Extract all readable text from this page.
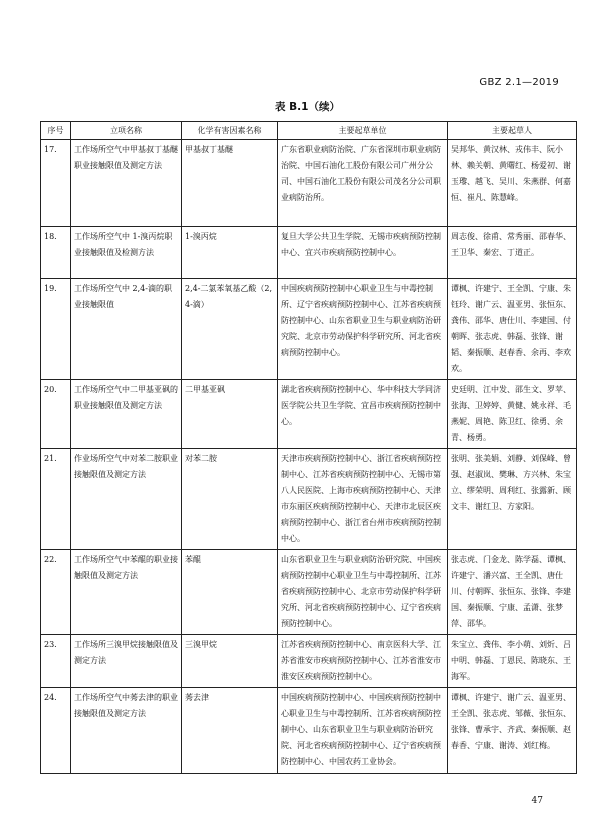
GBZ 2.1—2019
表 B.1（续）
序号	立项名称	化学有害因素名称	主要起草单位	主要起草人
17.	工作场所空气中甲基叔丁基醚职业接触限值及测定方法	甲基叔丁基醚	广东省职业病防治院、广东省深圳市职业病防治院、中国石油化工股份有限公司广州分公司、中国石油化工股份有限公司茂名分公司职业病防治所。	吴邦华、黄汉林、戎伟丰、阮小林、赖关朝、黄曙红、杨爱初、谢玉瓈、越飞、吴川、朱燕群、何嘉恒、崔凡、陈慧峰。
18.	工作场所空气中 1-溴丙烷职业接触限值及检测方法	1-溴丙烷	复旦大学公共卫生学院、无锡市疾病预防控制中心、宜兴市疾病预防控制中心。	周志俊、徐甫、常秀丽、邵春华、王卫华、秦宏、丁道正。
19.	工作场所空气中 2,4-滴的职业接触限值	2,4-二氯苯氧基乙酸（2,4-滴）	中国疾病预防控制中心职业卫生与中毒控制所、辽宁省疾病预防控制中心、江苏省疾病预防控制中心、山东省职业卫生与职业病防治研究院、北京市劳动保护科学研究所、河北省疾病预防控制中心。	谭枫、许建宁、王全凯、宁康、朱钰玲、谢广云、温亚男、张恒东、龚伟、邵华、唐仕川、李建国、付朝晖、张志虎、韩磊、张锋、谢韬、秦振顺、赵春香、余再、李欢欢。
20.	工作场所空气中二甲基亚砜的职业接触限值及测定方法	二甲基亚砜	湖北省疾病预防控制中心、华中科技大学同济医学院公共卫生学院、宜昌市疾病预防控制中心。	史廷明、江中发、邵生文、罗苹、张海、卫婷婷、黄健、姚永祥、毛燕妮、周艳、陈卫红、徐勇、余青、杨勇。
21.	作业场所空气中对苯二胺职业接触限值及测定方法	对苯二胺	天津市疾病预防控制中心、浙江省疾病预防控制中心、江苏省疾病预防控制中心、无锡市第八人民医院、上海市疾病预防控制中心、天津市东丽区疾病预防控制中心、天津市北辰区疾病预防控制中心、浙江省台州市疾病预防控制中心。	张明、张美娟、刘静、刘保峰、曾强、赵淑岚、樊琳、方兴林、朱宝立、缪荣明、周利红、张露新、顾文丰、谢红卫、方家阳。
22.	工作场所空气中苯醌的职业接触限值及测定方法	苯醌	山东省职业卫生与职业病防治研究院、中国疾病预防控制中心职业卫生与中毒控制所、江苏省疾病预防控制中心、北京市劳动保护科学研究所、河北省疾病预防控制中心、辽宁省疾病预防控制中心。	张志虎、门金龙、陈学磊、谭枫、许建宁、潘兴富、王全凯、唐仕川、付朝晖、张恒东、张锋、李建国、秦振顺、宁康、孟潇、张梦萍、邵华。
23.	工作场所三溴甲烷接触限值及测定方法	三溴甲烷	江苏省疾病预防控制中心、南京医科大学、江苏省淮安市疾病预防控制中心、江苏省淮安市淮安区疾病预防控制中心。	朱宝立、龚伟、李小萌、刘炘、吕中明、韩磊、丁恩民、陈晓东、王海军。
24.	工作场所空气中莠去津的职业接触限值及测定方法	莠去津	中国疾病预防控制中心、中国疾病预防控制中心职业卫生与中毒控制所、江苏省疾病预防控制中心、山东省职业卫生与职业病防治研究院、河北省疾病预防控制中心、辽宁省疾病预防控制中心、中国农药工业协会。	谭枫、许建宁、谢广云、温亚男、王全凯、张志虎、邹薇、张恒东、张锋、曹承宇、齐武、秦振顺、赵春香、宁康、谢涛、刘红梅。
47
